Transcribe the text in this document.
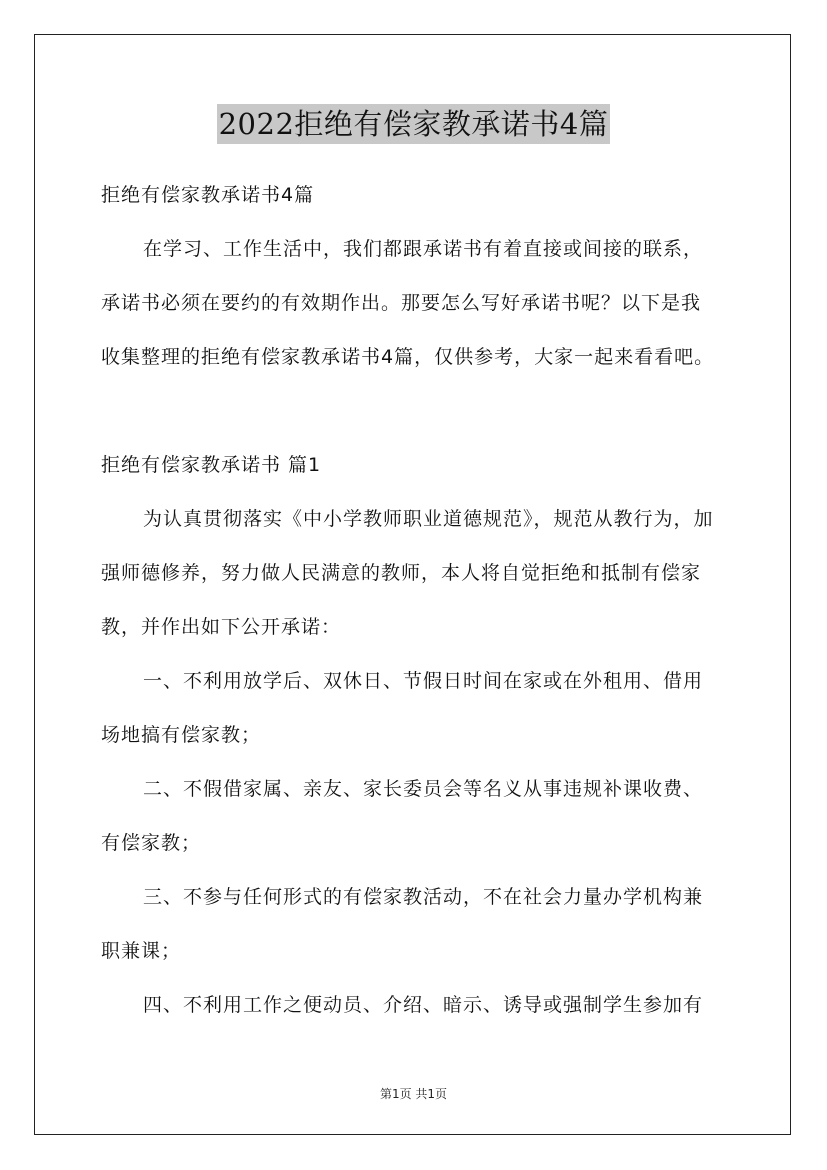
2022拒绝有偿家教承诺书4篇
拒绝有偿家教承诺书4篇
在学习、工作生活中，我们都跟承诺书有着直接或间接的联系，
承诺书必须在要约的有效期作出。那要怎么写好承诺书呢？以下是我
收集整理的拒绝有偿家教承诺书4篇，仅供参考，大家一起来看看吧。
拒绝有偿家教承诺书 篇1
为认真贯彻落实《中小学教师职业道德规范》，规范从教行为，加
强师德修养，努力做人民满意的教师，本人将自觉拒绝和抵制有偿家
教，并作出如下公开承诺：
一、不利用放学后、双休日、节假日时间在家或在外租用、借用
场地搞有偿家教；
二、不假借家属、亲友、家长委员会等名义从事违规补课收费、
有偿家教；
三、不参与任何形式的有偿家教活动，不在社会力量办学机构兼
职兼课；
四、不利用工作之便动员、介绍、暗示、诱导或强制学生参加有
第1页 共1页
